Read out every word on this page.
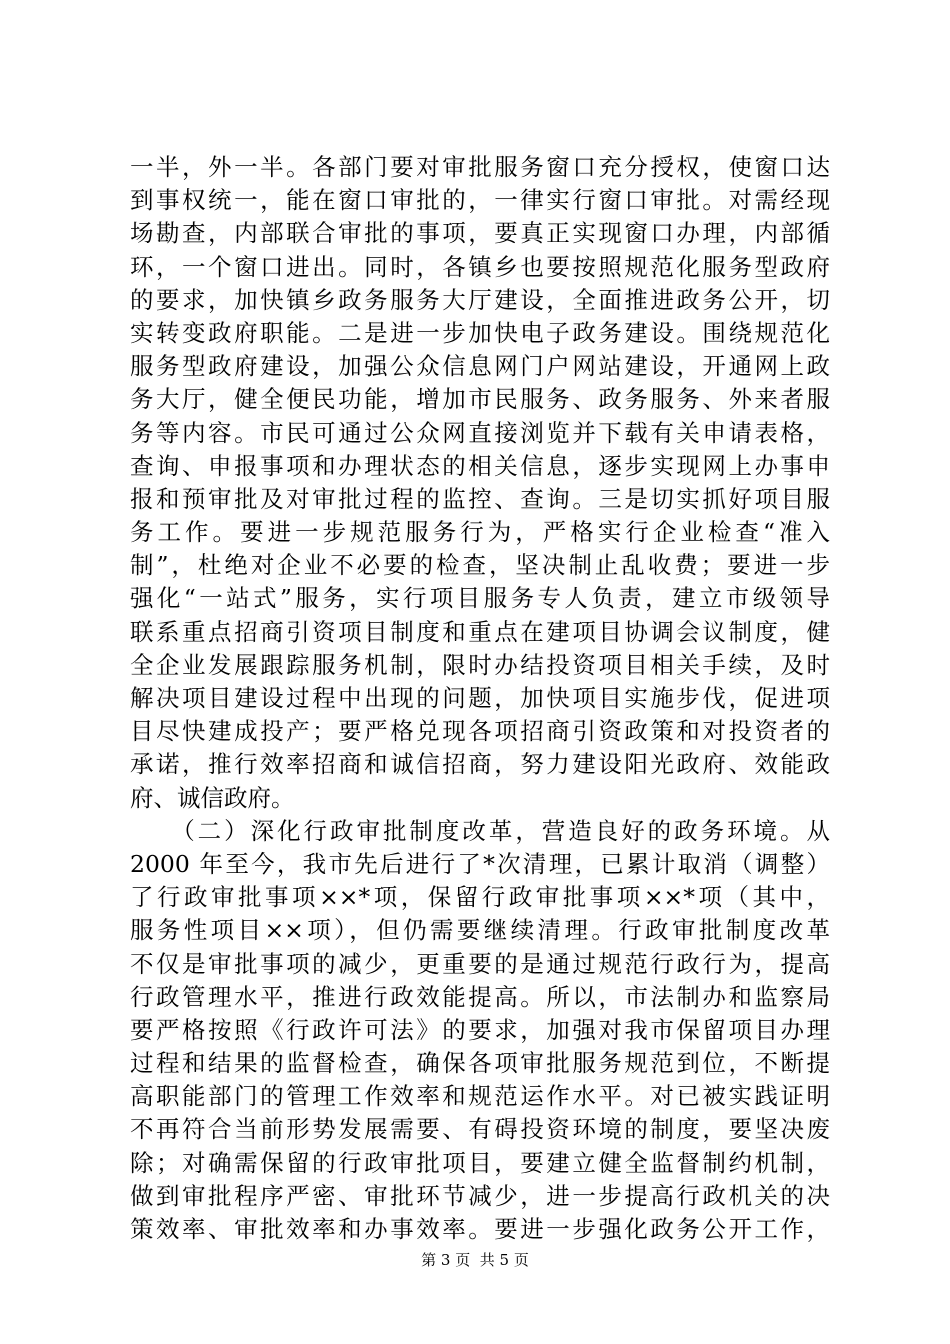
一半，外一半。各部门要对审批服务窗口充分授权，使窗口达
到事权统一，能在窗口审批的，一律实行窗口审批。对需经现
场勘查，内部联合审批的事项，要真正实现窗口办理，内部循
环，一个窗口进出。同时，各镇乡也要按照规范化服务型政府
的要求，加快镇乡政务服务大厅建设，全面推进政务公开，切
实转变政府职能。二是进一步加快电子政务建设。围绕规范化
服务型政府建设，加强公众信息网门户网站建设，开通网上政
务大厅，健全便民功能，增加市民服务、政务服务、外来者服
务等内容。市民可通过公众网直接浏览并下载有关申请表格，
查询、申报事项和办理状态的相关信息，逐步实现网上办事申
报和预审批及对审批过程的监控、查询。三是切实抓好项目服
务工作。要进一步规范服务行为，严格实行企业检查“准入
制”，杜绝对企业不必要的检查，坚决制止乱收费；要进一步
强化“一站式”服务，实行项目服务专人负责，建立市级领导
联系重点招商引资项目制度和重点在建项目协调会议制度，健
全企业发展跟踪服务机制，限时办结投资项目相关手续，及时
解决项目建设过程中出现的问题，加快项目实施步伐，促进项
目尽快建成投产；要严格兑现各项招商引资政策和对投资者的
承诺，推行效率招商和诚信招商，努力建设阳光政府、效能政
府、诚信政府。
　　（二）深化行政审批制度改革，营造良好的政务环境。从
2000 年至今，我市先后进行了*次清理，已累计取消（调整）
了行政审批事项××*项，保留行政审批事项××*项（其中，
服务性项目××项），但仍需要继续清理。行政审批制度改革
不仅是审批事项的减少，更重要的是通过规范行政行为，提高
行政管理水平，推进行政效能提高。所以，市法制办和监察局
要严格按照《行政许可法》的要求，加强对我市保留项目办理
过程和结果的监督检查，确保各项审批服务规范到位，不断提
高职能部门的管理工作效率和规范运作水平。对已被实践证明
不再符合当前形势发展需要、有碍投资环境的制度，要坚决废
除；对确需保留的行政审批项目，要建立健全监督制约机制，
做到审批程序严密、审批环节减少，进一步提高行政机关的决
策效率、审批效率和办事效率。要进一步强化政务公开工作，
第 3 页  共 5 页
